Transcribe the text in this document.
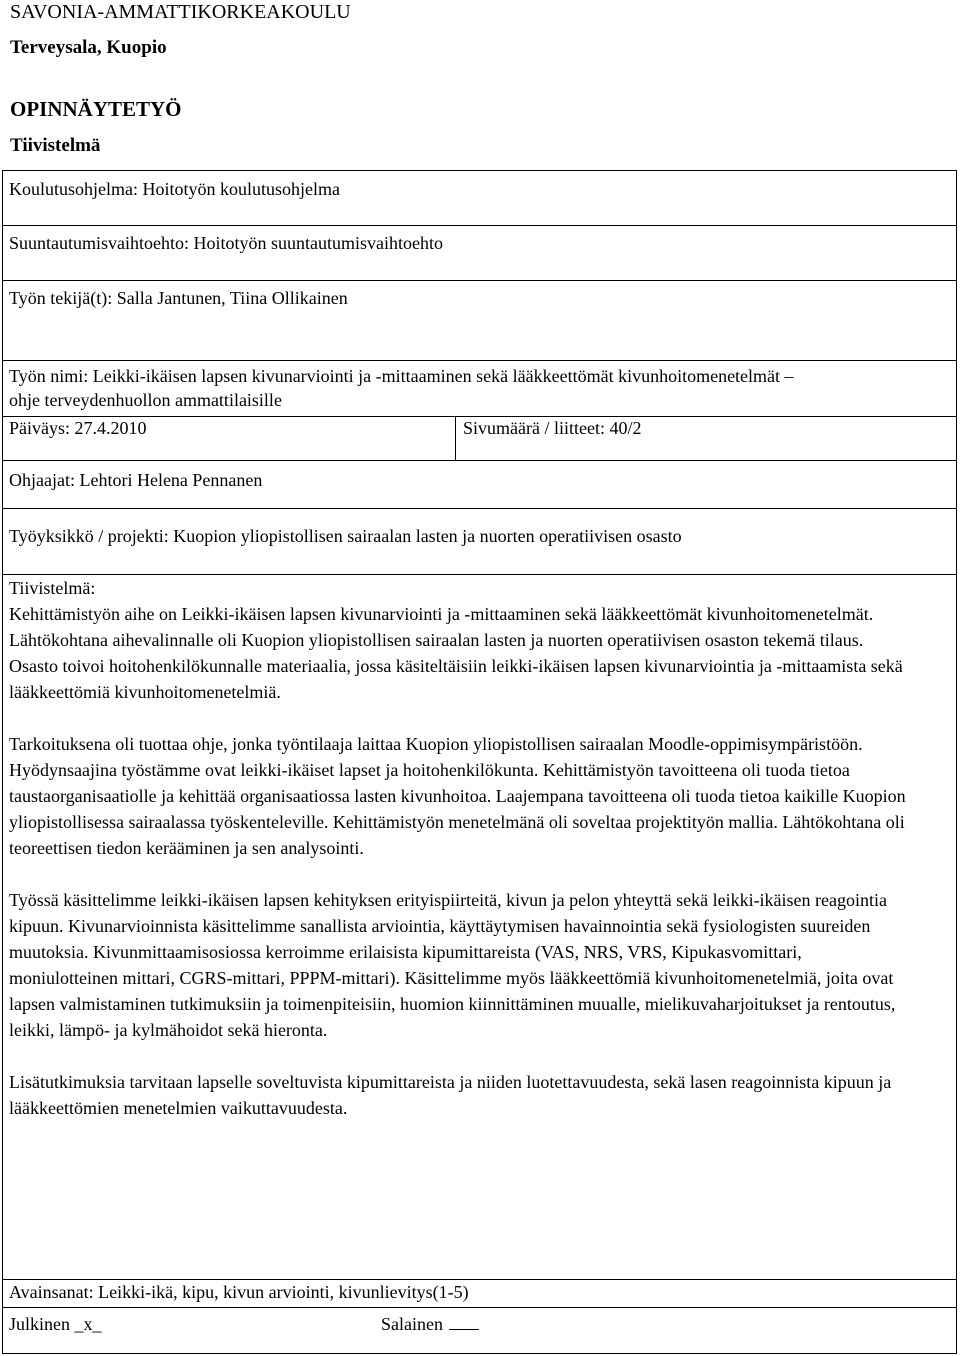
SAVONIA-AMMATTIKORKEAKOULU
Terveysala, Kuopio
OPINNÄYTETYÖ
Tiivistelmä
Koulutusohjelma: Hoitotyön koulutusohjelma
Suuntautumisvaihtoehto: Hoitotyön suuntautumisvaihtoehto
Työn tekijä(t): Salla Jantunen, Tiina Ollikainen
Työn nimi: Leikki-ikäisen lapsen kivunarviointi ja -mittaaminen sekä lääkkeettömät kivunhoitomenetelmät –
ohje terveydenhuollon ammattilaisille
Päiväys: 27.4.2010	Sivumäärä / liitteet: 40/2
Ohjaajat: Lehtori Helena Pennanen
Työyksikkö / projekti: Kuopion yliopistollisen sairaalan lasten ja nuorten operatiivisen osasto
Tiivistelmä:

Kehittämistyön aihe on Leikki-ikäisen lapsen kivunarviointi ja -mittaaminen sekä lääkkeettömät kivunhoitomenetelmät. Lähtökohtana aihevalinnalle oli Kuopion yliopistollisen sairaalan lasten ja nuorten operatiivisen osaston tekemä tilaus. Osasto toivoi hoitohenkilökunnalle materiaalia, jossa käsiteltäisiin leikki-ikäisen lapsen kivunarviointia ja -mittaamista sekä lääkkeettömiä kivunhoitomenetelmiä.

Tarkoituksena oli tuottaa ohje, jonka työntilaaja laittaa Kuopion yliopistollisen sairaalan Moodle-oppimisympäristöön. Hyödynsaajina työstämme ovat leikki-ikäiset lapset ja hoitohenkilökunta. Kehittämistyön tavoitteena oli tuoda tietoa taustaorganisaatiolle ja kehittää organisaatiossa lasten kivunhoitoa. Laajempana tavoitteena oli tuoda tietoa kaikille Kuopion yliopistollisessa sairaalassa työskenteleville. Kehittämistyön menetelmänä oli soveltaa projektityön mallia. Lähtökohtana oli teoreettisen tiedon kerääminen ja sen analysointi.

Työssä käsittelimme leikki-ikäisen lapsen kehityksen erityispiirteitä, kivun ja pelon yhteyttä sekä leikki-ikäisen reagointia kipuun. Kivunarvioinnista käsittelimme sanallista arviointia, käyttäytymisen havainnointia sekä fysiologisten suureiden muutoksia. Kivunmittaamisosiossa kerroimme erilaisista kipumittareista (VAS, NRS, VRS, Kipukasvomittari, moniulotteinen mittari, CGRS-mittari, PPPM-mittari). Käsittelimme myös lääkkeettömiä kivunhoitomenetelmiä, joita ovat lapsen valmistaminen tutkimuksiin ja toimenpiteisiin, huomion kiinnittäminen muualle, mielikuvaharjoitukset ja rentoutus, leikki, lämpö- ja kylmähoidot sekä hieronta.

Lisätutkimuksia tarvitaan lapselle soveltuvista kipumittareista ja niiden luotettavuudesta, sekä lasen reagoinnista kipuun ja lääkkeettömien menetelmien vaikuttavuudesta.

Avainsanat: Leikki-ikä, kipu, kivun arviointi, kivunlievitys(1-5)
Julkinen _x_	Salainen
